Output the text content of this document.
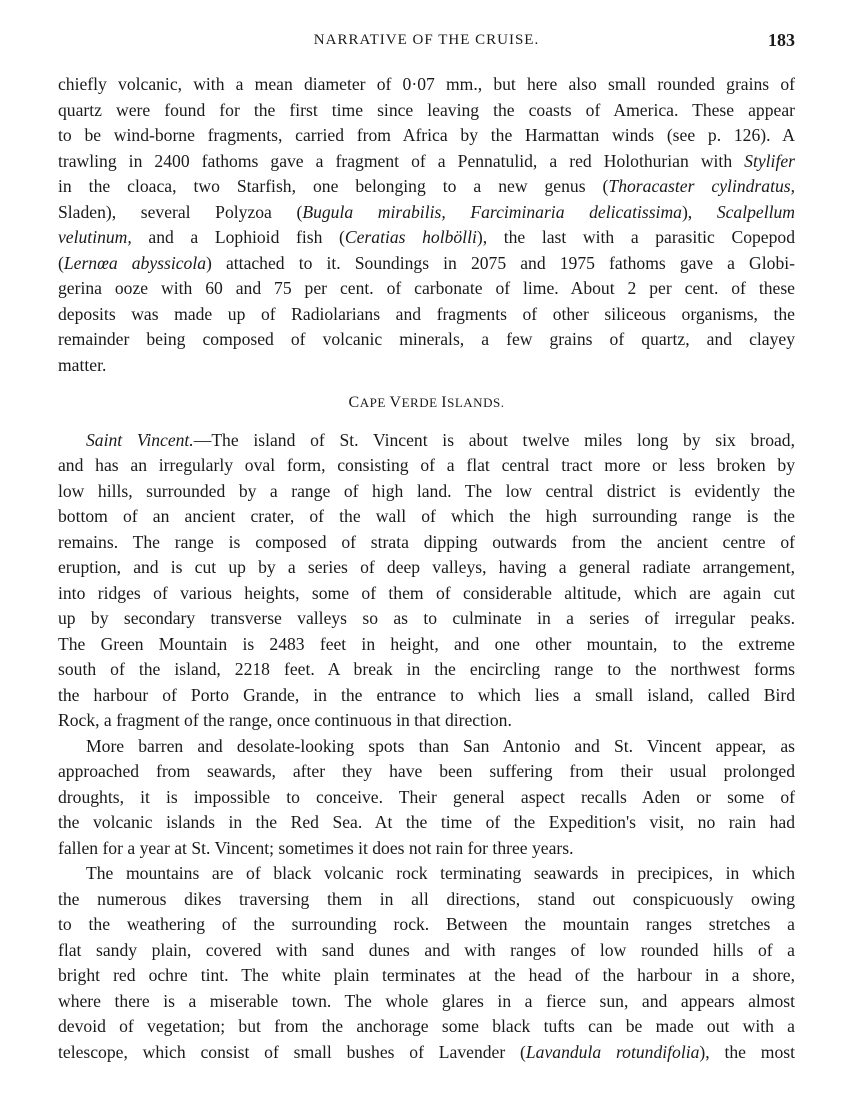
NARRATIVE OF THE CRUISE.	183
chiefly volcanic, with a mean diameter of 0·07 mm., but here also small rounded grains of
quartz were found for the first time since leaving the coasts of America. These appear
to be wind-borne fragments, carried from Africa by the Harmattan winds (see p. 126). A
trawling in 2400 fathoms gave a fragment of a Pennatulid, a red Holothurian with Stylifer
in the cloaca, two Starfish, one belonging to a new genus (Thoracaster cylindratus,
Sladen), several Polyzoa (Bugula mirabilis, Farciminaria delicatissima), Scalpellum
velutinum, and a Lophioid fish (Ceratias holbölli), the last with a parasitic Copepod
(Lernœa abyssicola) attached to it. Soundings in 2075 and 1975 fathoms gave a Globi-
gerina ooze with 60 and 75 per cent. of carbonate of lime. About 2 per cent. of these
deposits was made up of Radiolarians and fragments of other siliceous organisms, the
remainder being composed of volcanic minerals, a few grains of quartz, and clayey
matter.
CAPE VERDE ISLANDS.
Saint Vincent.—The island of St. Vincent is about twelve miles long by six broad,
and has an irregularly oval form, consisting of a flat central tract more or less broken by
low hills, surrounded by a range of high land. The low central district is evidently the
bottom of an ancient crater, of the wall of which the high surrounding range is the
remains. The range is composed of strata dipping outwards from the ancient centre of
eruption, and is cut up by a series of deep valleys, having a general radiate arrangement,
into ridges of various heights, some of them of considerable altitude, which are again cut
up by secondary transverse valleys so as to culminate in a series of irregular peaks.
The Green Mountain is 2483 feet in height, and one other mountain, to the extreme
south of the island, 2218 feet. A break in the encircling range to the northwest forms
the harbour of Porto Grande, in the entrance to which lies a small island, called Bird
Rock, a fragment of the range, once continuous in that direction.
More barren and desolate-looking spots than San Antonio and St. Vincent appear, as
approached from seawards, after they have been suffering from their usual prolonged
droughts, it is impossible to conceive. Their general aspect recalls Aden or some of
the volcanic islands in the Red Sea. At the time of the Expedition's visit, no rain had
fallen for a year at St. Vincent; sometimes it does not rain for three years.
The mountains are of black volcanic rock terminating seawards in precipices, in which
the numerous dikes traversing them in all directions, stand out conspicuously owing
to the weathering of the surrounding rock. Between the mountain ranges stretches a
flat sandy plain, covered with sand dunes and with ranges of low rounded hills of a
bright red ochre tint. The white plain terminates at the head of the harbour in a shore,
where there is a miserable town. The whole glares in a fierce sun, and appears almost
devoid of vegetation; but from the anchorage some black tufts can be made out with a
telescope, which consist of small bushes of Lavender (Lavandula rotundifolia), the most
